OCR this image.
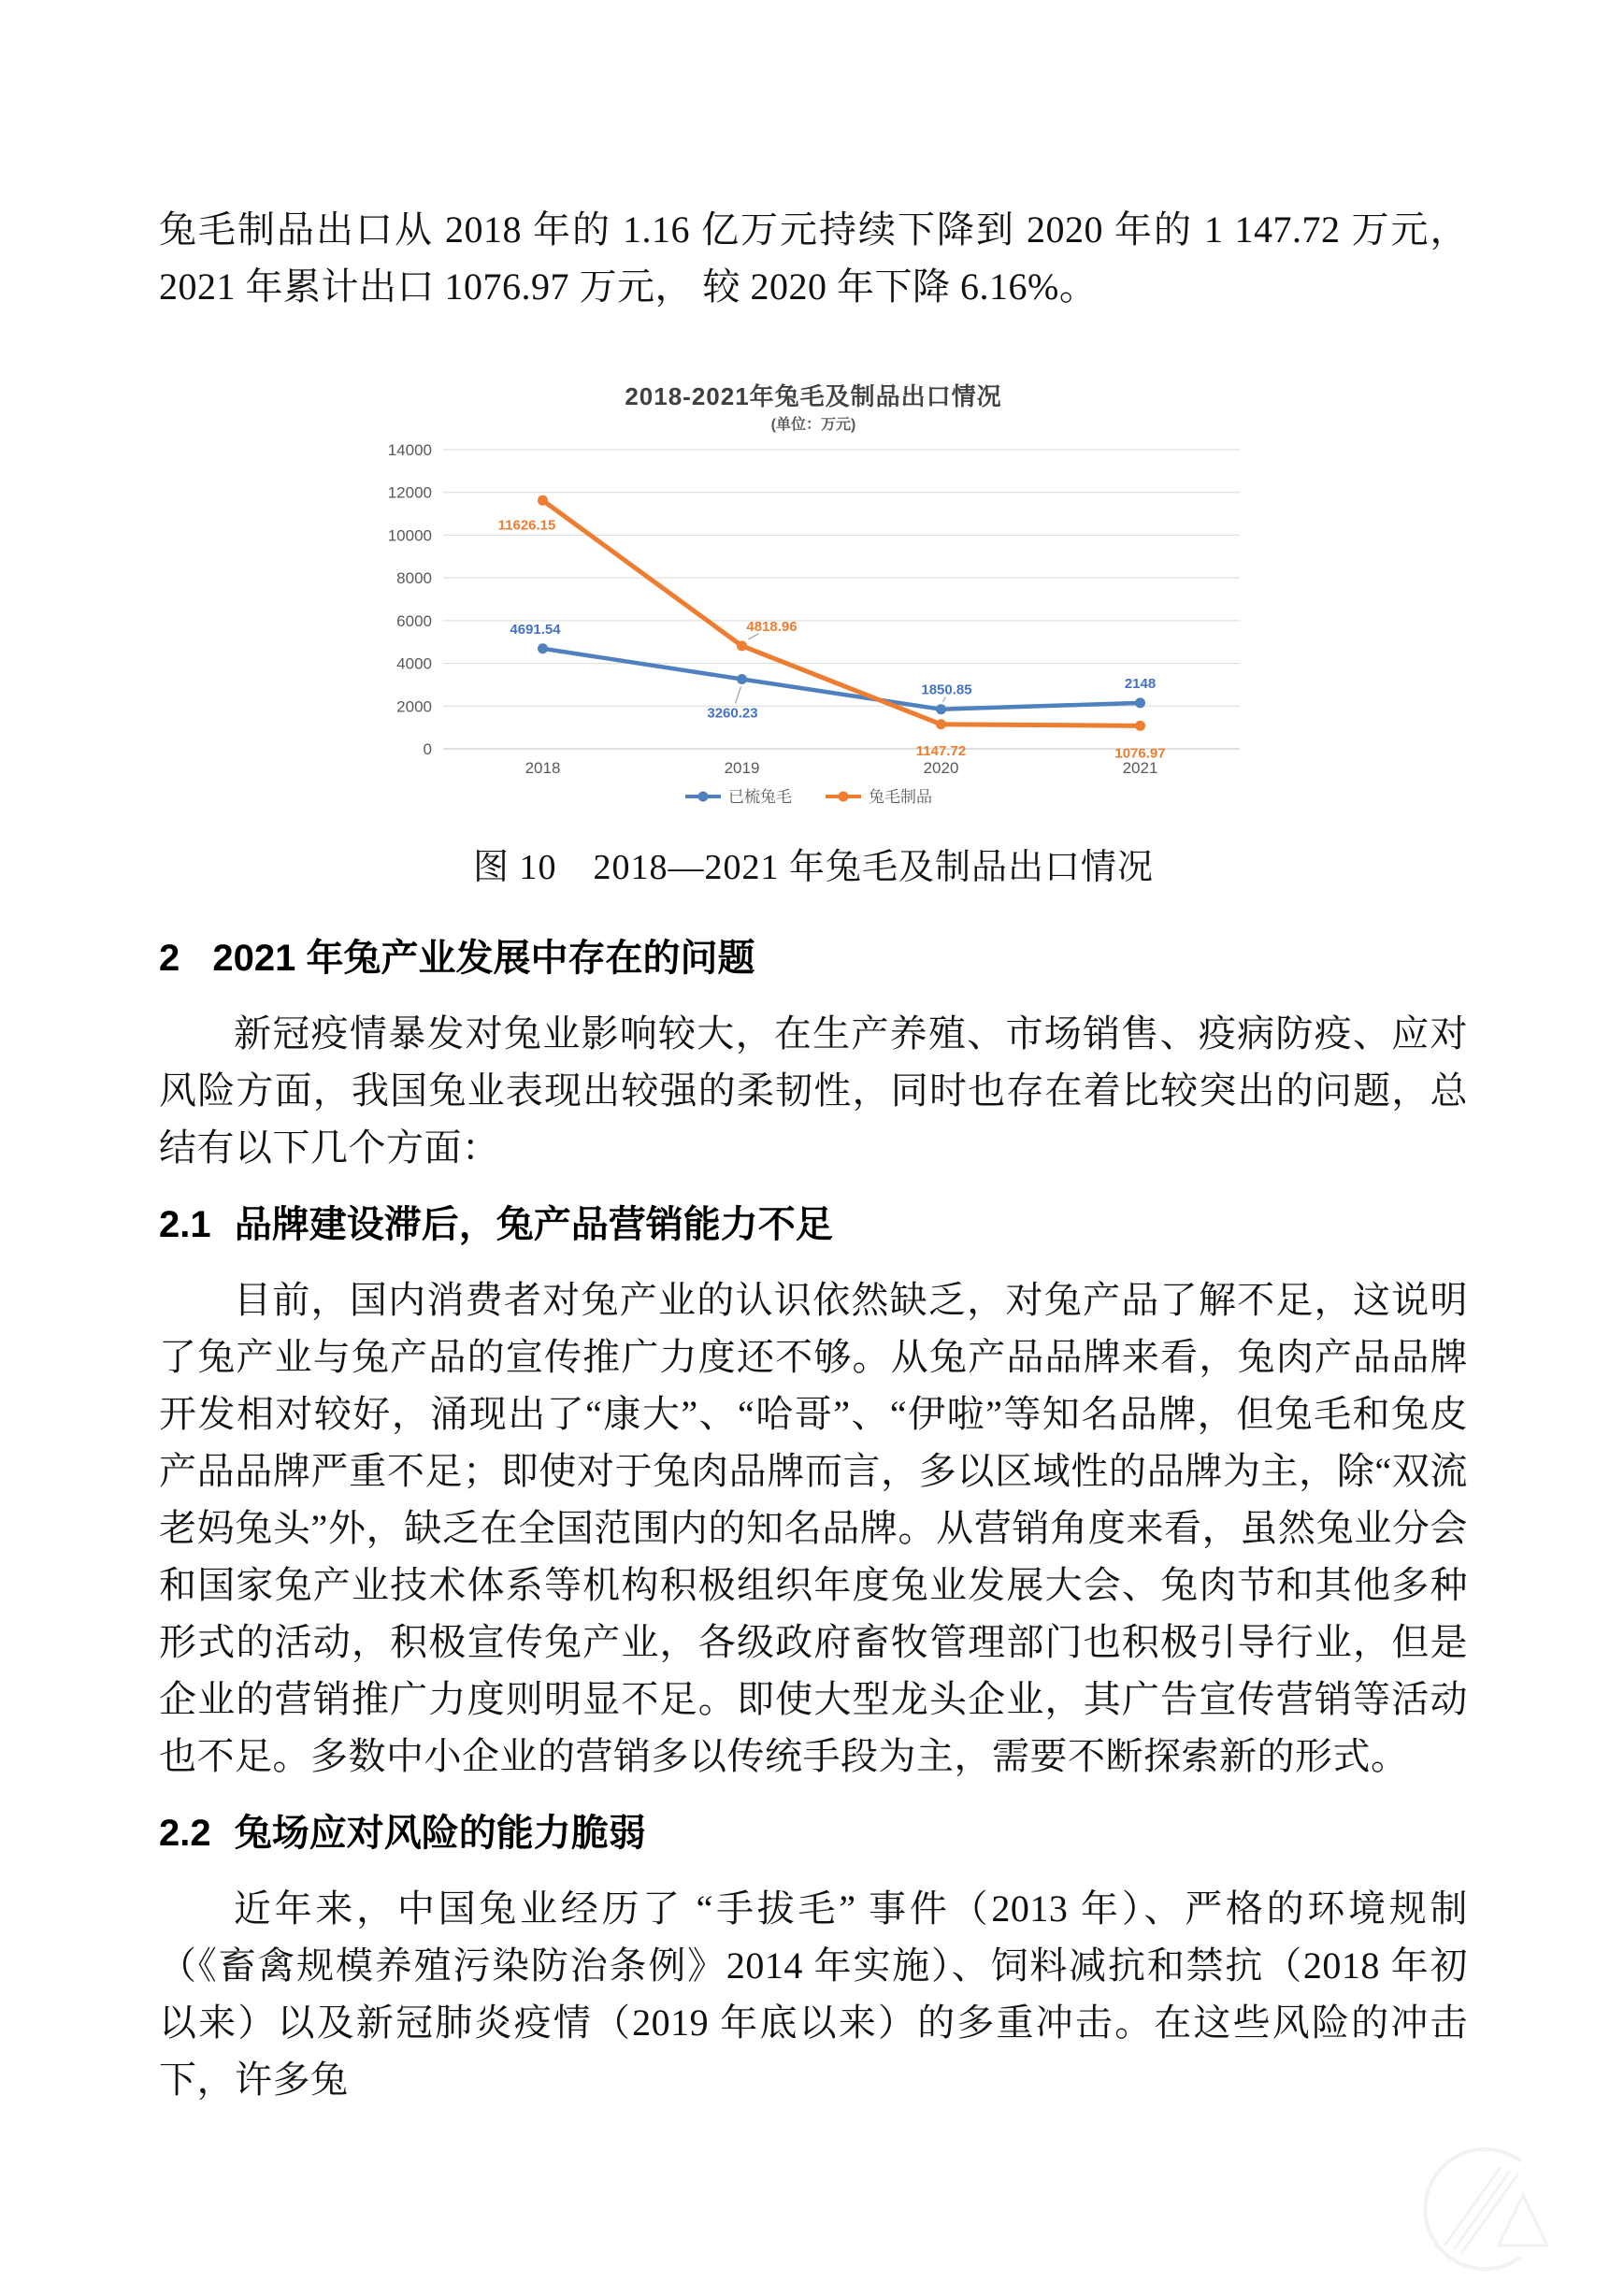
兔毛制品出口从 2018 年的 1.16 亿万元持续下降到 2020 年的 1 147.72 万元，2021 年累计出口 1076.97 万元， 较 2020 年下降 6.16%。

2018-2021年兔毛及制品出口情况
(单位：万元)
0
2000
4000
6000
8000
10000
12000
14000
2018	2019	2020	2021
4691.54
3260.23
1850.85	2148
11626.15
4818.96
1147.72	1076.97
已梳兔毛	兔毛制品

图 10　2018—2021 年兔毛及制品出口情况

2 2021 年兔产业发展中存在的问题

新冠疫情暴发对兔业影响较大，在生产养殖、市场销售、疫病防疫、应对风险方面，我国兔业表现出较强的柔韧性，同时也存在着比较突出的问题，总结有以下几个方面：

2.1 品牌建设滞后，兔产品营销能力不足

目前，国内消费者对兔产业的认识依然缺乏，对兔产品了解不足，这说明了兔产业与兔产品的宣传推广力度还不够。从兔产品品牌来看，兔肉产品品牌开发相对较好，涌现出了“康大”、“哈哥”、“伊啦”等知名品牌，但兔毛和兔皮产品品牌严重不足；即使对于兔肉品牌而言，多以区域性的品牌为主，除“双流老妈兔头”外，缺乏在全国范围内的知名品牌。从营销角度来看，虽然兔业分会和国家兔产业技术体系等机构积极组织年度兔业发展大会、兔肉节和其他多种形式的活动，积极宣传兔产业，各级政府畜牧管理部门也积极引导行业，但是企业的营销推广力度则明显不足。即使大型龙头企业，其广告宣传营销等活动也不足。多数中小企业的营销多以传统手段为主，需要不断探索新的形式。

2.2 兔场应对风险的能力脆弱

近年来，中国兔业经历了 “手拔毛” 事件（2013 年）、严格的环境规制（《畜禽规模养殖污染防治条例》2014 年实施）、饲料减抗和禁抗（2018 年初以来）以及新冠肺炎疫情（2019 年底以来）的多重冲击。在这些风险的冲击下，许多兔
